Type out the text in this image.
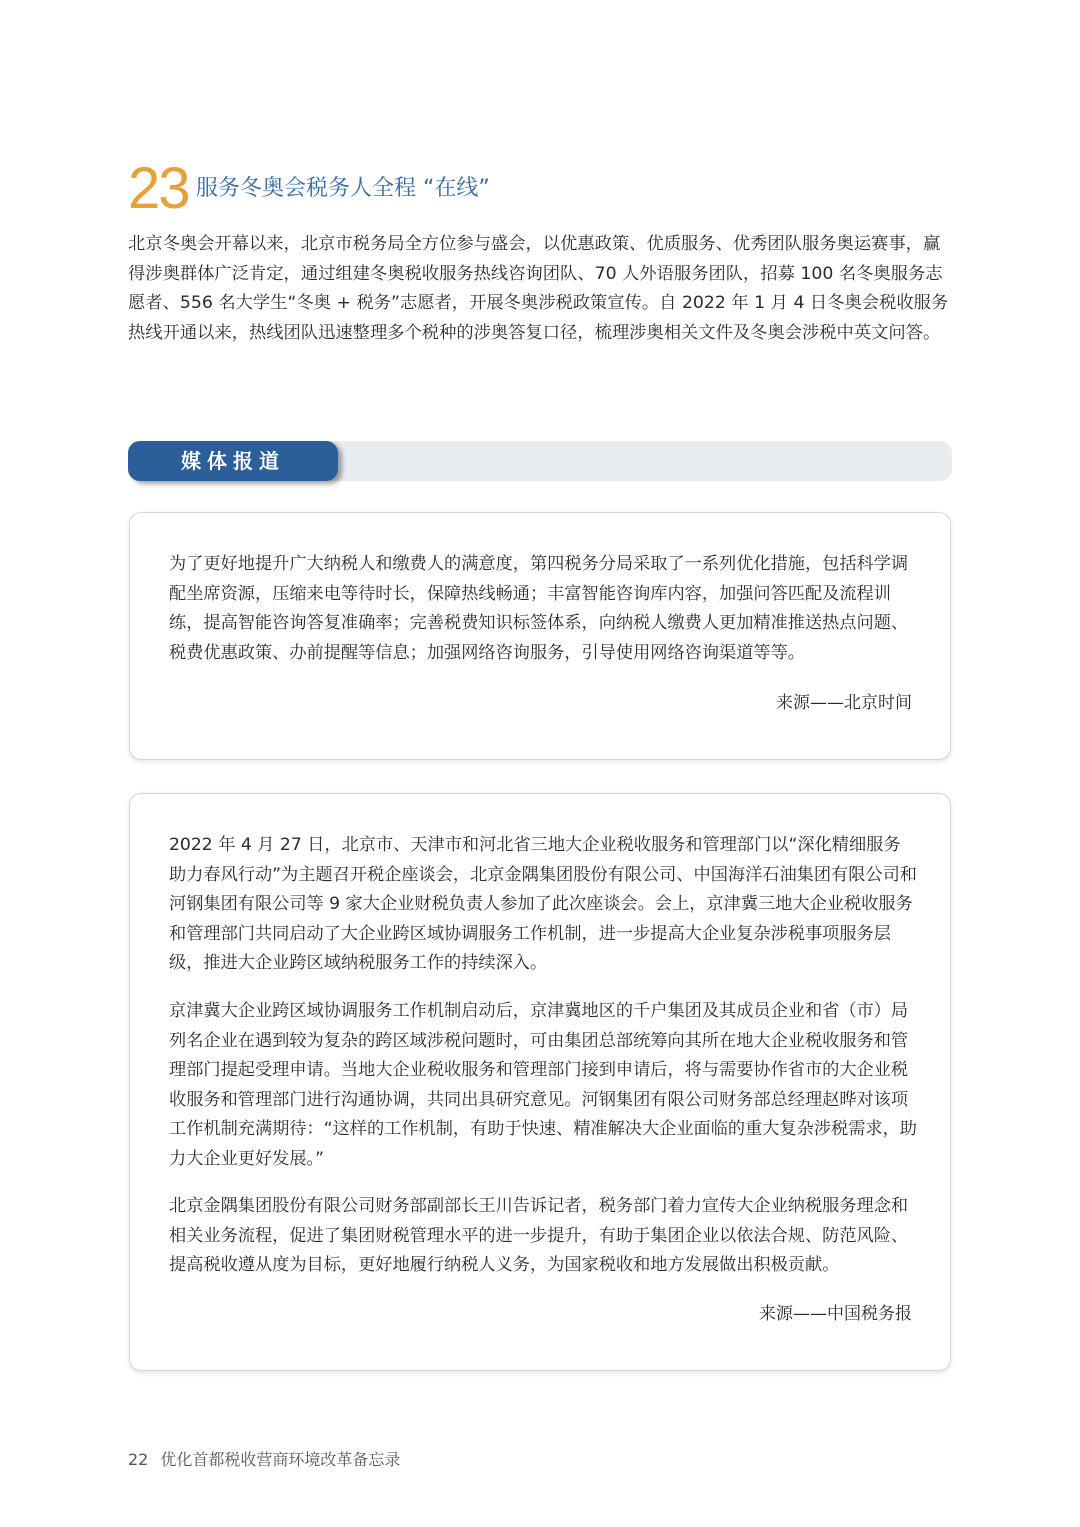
23 服务冬奥会税务人全程 “在线”

北京冬奥会开幕以来，北京市税务局全方位参与盛会，以优惠政策、优质服务、优秀团队服务奥运赛事，赢得涉奥群体广泛肯定，通过组建冬奥税收服务热线咨询团队、70 人外语服务团队，招募 100 名冬奥服务志愿者、556 名大学生“冬奥 + 税务”志愿者，开展冬奥涉税政策宣传。自 2022 年 1 月 4 日冬奥会税收服务热线开通以来，热线团队迅速整理多个税种的涉奥答复口径，梳理涉奥相关文件及冬奥会涉税中英文问答。

媒体报道

为了更好地提升广大纳税人和缴费人的满意度，第四税务分局采取了一系列优化措施，包括科学调配坐席资源，压缩来电等待时长，保障热线畅通；丰富智能咨询库内容，加强问答匹配及流程训练，提高智能咨询答复准确率；完善税费知识标签体系，向纳税人缴费人更加精准推送热点问题、税费优惠政策、办前提醒等信息；加强网络咨询服务，引导使用网络咨询渠道等等。

来源——北京时间

2022 年 4 月 27 日，北京市、天津市和河北省三地大企业税收服务和管理部门以“深化精细服务 助力春风行动”为主题召开税企座谈会，北京金隅集团股份有限公司、中国海洋石油集团有限公司和河钢集团有限公司等 9 家大企业财税负责人参加了此次座谈会。会上，京津冀三地大企业税收服务和管理部门共同启动了大企业跨区域协调服务工作机制，进一步提高大企业复杂涉税事项服务层级，推进大企业跨区域纳税服务工作的持续深入。

京津冀大企业跨区域协调服务工作机制启动后，京津冀地区的千户集团及其成员企业和省（市）局列名企业在遇到较为复杂的跨区域涉税问题时，可由集团总部统筹向其所在地大企业税收服务和管理部门提起受理申请。当地大企业税收服务和管理部门接到申请后，将与需要协作省市的大企业税收服务和管理部门进行沟通协调，共同出具研究意见。河钢集团有限公司财务部总经理赵晔对该项工作机制充满期待：“这样的工作机制，有助于快速、精准解决大企业面临的重大复杂涉税需求，助力大企业更好发展。”

北京金隅集团股份有限公司财务部副部长王川告诉记者，税务部门着力宣传大企业纳税服务理念和相关业务流程，促进了集团财税管理水平的进一步提升，有助于集团企业以依法合规、防范风险、提高税收遵从度为目标，更好地履行纳税人义务，为国家税收和地方发展做出积极贡献。

来源——中国税务报
22 优化首都税收营商环境改革备忘录
